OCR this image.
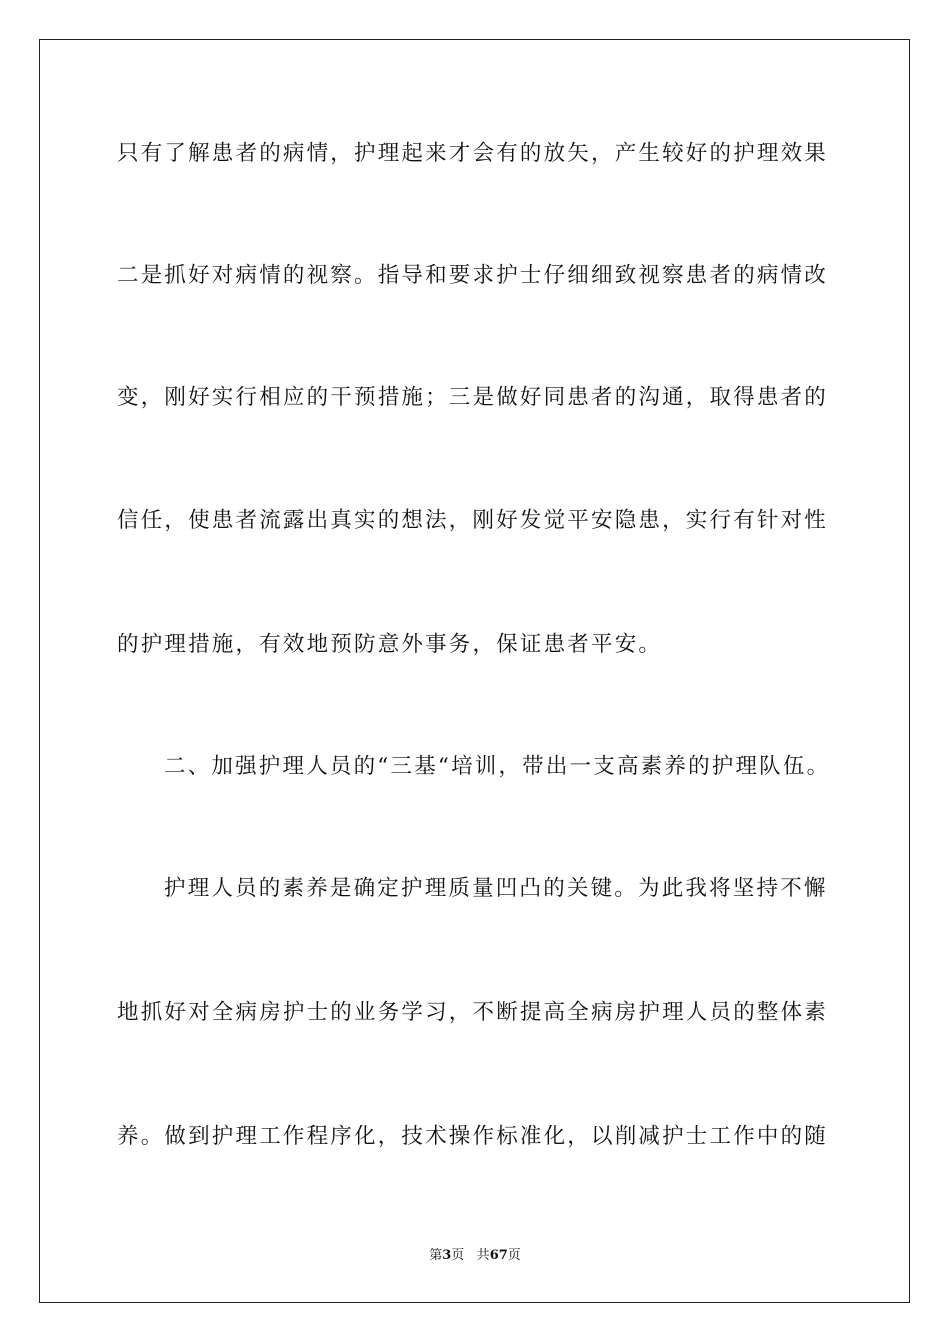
只有了解患者的病情，护理起来才会有的放矢，产生较好的护理效果
二是抓好对病情的视察。指导和要求护士仔细细致视察患者的病情改
变，刚好实行相应的干预措施；三是做好同患者的沟通，取得患者的
信任，使患者流露出真实的想法，刚好发觉平安隐患，实行有针对性
的护理措施，有效地预防意外事务，保证患者平安。
二、加强护理人员的“三基“培训，带出一支高素养的护理队伍。
护理人员的素养是确定护理质量凹凸的关键。为此我将坚持不懈
地抓好对全病房护士的业务学习，不断提高全病房护理人员的整体素
养。做到护理工作程序化，技术操作标准化，以削减护士工作中的随
第3页 共67页
